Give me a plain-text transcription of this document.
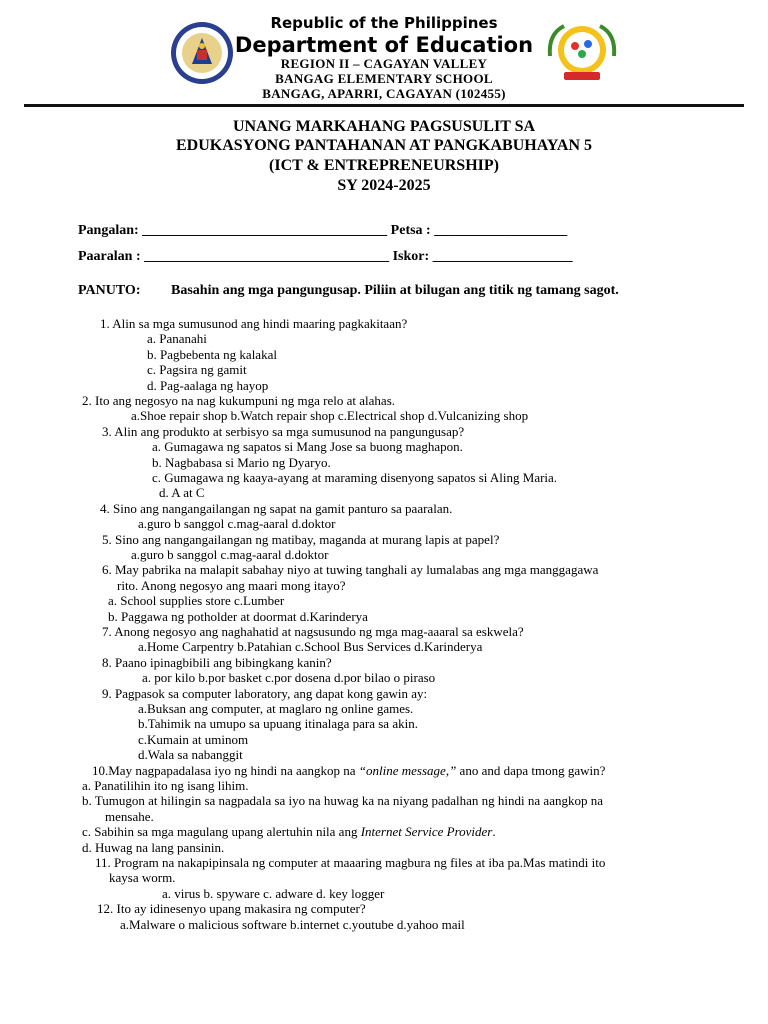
Republic of the Philippines
Department of Education
REGION II – CAGAYAN VALLEY
BANGAG ELEMENTARY SCHOOL
BANGAG, APARRI, CAGAYAN (102455)
UNANG MARKAHANG PAGSUSULIT SA
EDUKASYONG PANTAHANAN AT PANGKABUHAYAN 5
(ICT & ENTREPRENEURSHIP)
SY 2024-2025
Pangalan: ___________________________________ Petsa : ___________________
Paaralan : ___________________________________ Iskor: ____________________
PANUTO: Basahin ang mga pangungusap. Piliin at bilugan ang titik ng tamang sagot.
1. Alin sa mga sumusunod ang hindi maaring pagkakitaan?
a. Pananahi
b. Pagbebenta ng kalakal
c. Pagsira ng gamit
d. Pag-aalaga ng hayop
2. Ito ang negosyo na nag kukumpuni ng mga relo at alahas.
a.Shoe repair shop b.Watch repair shop c.Electrical shop d.Vulcanizing shop
3. Alin ang produkto at serbisyo sa mga sumusunod na pangungusap?
a. Gumagawa ng sapatos si Mang Jose sa buong maghapon.
b. Nagbabasa si Mario ng Dyaryo.
c. Gumagawa ng kaaya-ayang at maraming disenyong sapatos si Aling Maria.
d. A at C
4. Sino ang nangangailangan ng sapat na gamit panturo sa paaralan.
a.guro b sanggol c.mag-aaral d.doktor
5. Sino ang nangangailangan ng matibay, maganda at murang lapis at papel?
a.guro b sanggol c.mag-aaral d.doktor
6. May pabrika na malapit sabahay niyo at tuwing tanghali ay lumalabas ang mga manggagawa
rito. Anong negosyo ang maari mong itayo?
a. School supplies store c.Lumber
b. Paggawa ng potholder at doormat d.Karinderya
7. Anong negosyo ang naghahatid at nagsusundo ng mga mag-aaaral sa eskwela?
a.Home Carpentry b.Patahian c.School Bus Services d.Karinderya
8. Paano ipinagbibili ang bibingkang kanin?
a. por kilo b.por basket c.por dosena d.por bilao o piraso
9. Pagpasok sa computer laboratory, ang dapat kong gawin ay:
a.Buksan ang computer, at maglaro ng online games.
b.Tahimik na umupo sa upuang itinalaga para sa akin.
c.Kumain at uminom
d.Wala sa nabanggit
10.May nagpapadalasa iyo ng hindi na aangkop na “online message,” ano and dapa tmong gawin?
a. Panatilihin ito ng isang lihim.
b. Tumugon at hilingin sa nagpadala sa iyo na huwag ka na niyang padalhan ng hindi na aangkop na
mensahe.
c. Sabihin sa mga magulang upang alertuhin nila ang Internet Service Provider.
d. Huwag na lang pansinin.
11. Program na nakapipinsala ng computer at maaaring magbura ng files at iba pa.Mas matindi ito
kaysa worm.
a. virus b. spyware c. adware d. key logger
12. Ito ay idinesenyo upang makasira ng computer?
a.Malware o malicious software b.internet c.youtube d.yahoo mail
